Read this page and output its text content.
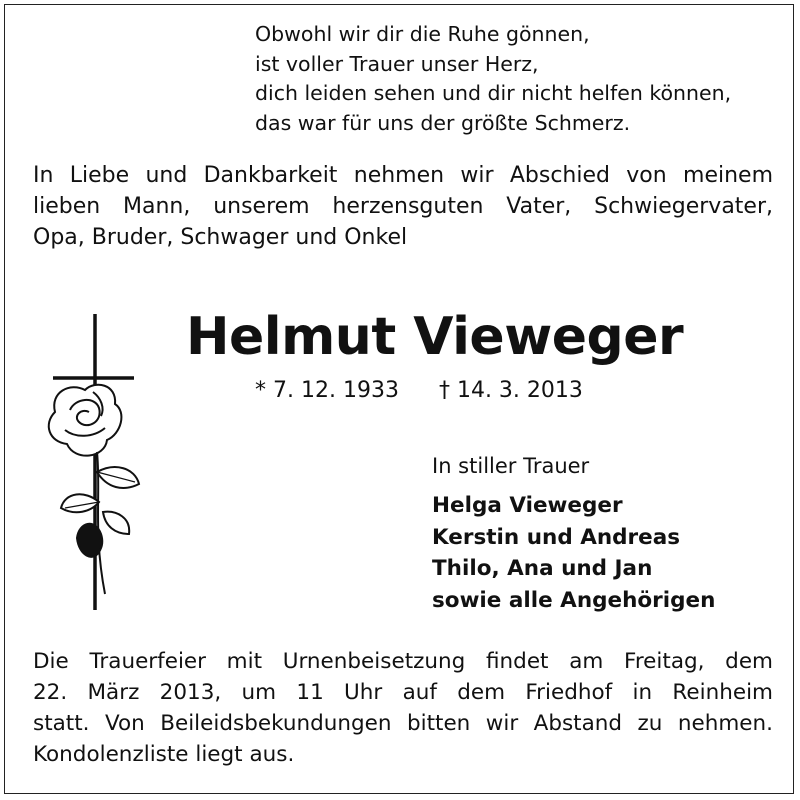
Obwohl wir dir die Ruhe gönnen,
ist voller Trauer unser Herz,
dich leiden sehen und dir nicht helfen können,
das war für uns der größte Schmerz.
In Liebe und Dankbarkeit nehmen wir Abschied von meinem
lieben Mann, unserem herzensguten Vater, Schwiegervater,
Opa, Bruder, Schwager und Onkel
Helmut Vieweger
* 7. 12. 1933 † 14. 3. 2013
In stiller Trauer
Helga Vieweger
Kerstin und Andreas
Thilo, Ana und Jan
sowie alle Angehörigen
Die Trauerfeier mit Urnenbeisetzung findet am Freitag, dem
22. März 2013, um 11 Uhr auf dem Friedhof in Reinheim
statt. Von Beileidsbekundungen bitten wir Abstand zu nehmen.
Kondolenzliste liegt aus.
